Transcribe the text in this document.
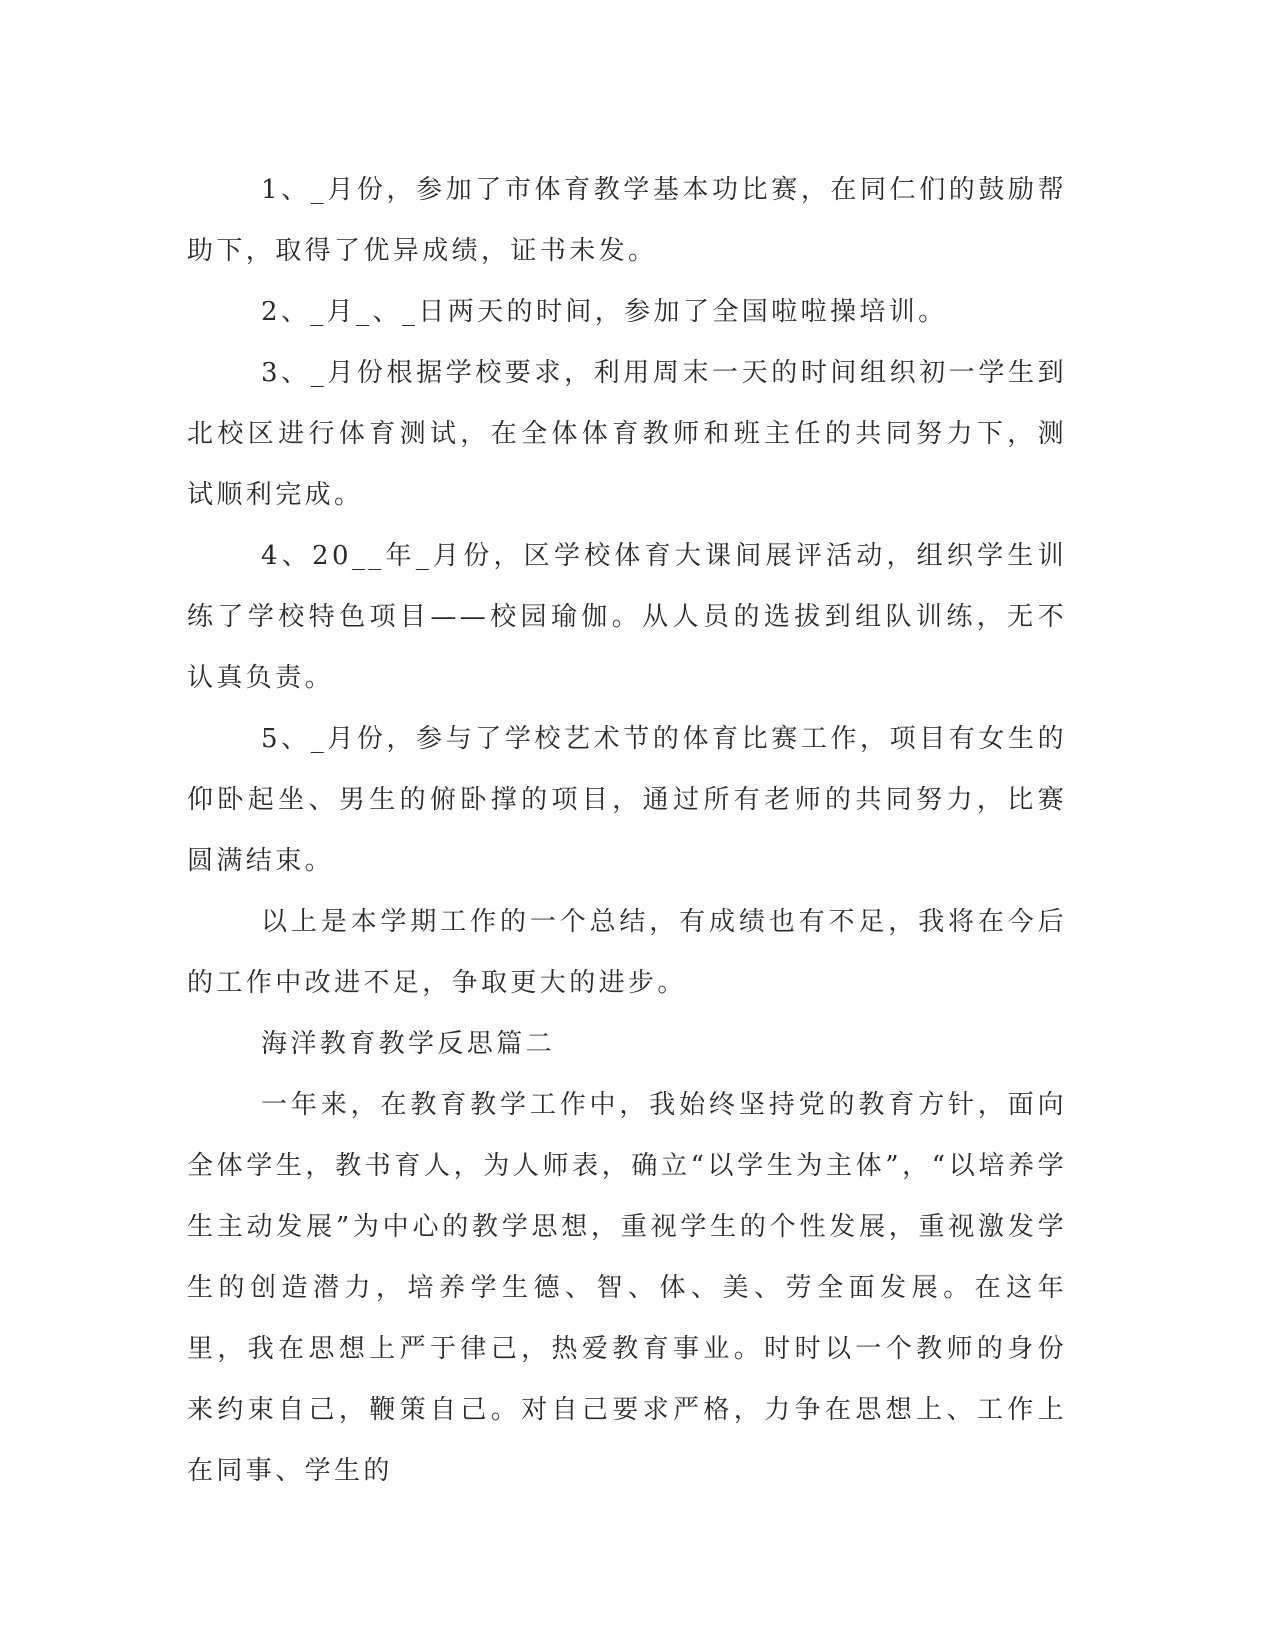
1、_月份，参加了市体育教学基本功比赛，在同仁们的鼓励帮助下，取得了优异成绩，证书未发。

2、_月_、_日两天的时间，参加了全国啦啦操培训。

3、_月份根据学校要求，利用周末一天的时间组织初一学生到北校区进行体育测试，在全体体育教师和班主任的共同努力下，测试顺利完成。

4、20__年_月份，区学校体育大课间展评活动，组织学生训练了学校特色项目——校园瑜伽。从人员的选拔到组队训练，无不认真负责。

5、_月份，参与了学校艺术节的体育比赛工作，项目有女生的仰卧起坐、男生的俯卧撑的项目，通过所有老师的共同努力，比赛圆满结束。

以上是本学期工作的一个总结，有成绩也有不足，我将在今后的工作中改进不足，争取更大的进步。

海洋教育教学反思篇二

一年来，在教育教学工作中，我始终坚持党的教育方针，面向全体学生，教书育人，为人师表，确立“以学生为主体”，“以培养学生主动发展”为中心的教学思想，重视学生的个性发展，重视激发学生的创造潜力，培养学生德、智、体、美、劳全面发展。在这年里，我在思想上严于律己，热爱教育事业。时时以一个教师的身份来约束自己，鞭策自己。对自己要求严格，力争在思想上、工作上在同事、学生的
